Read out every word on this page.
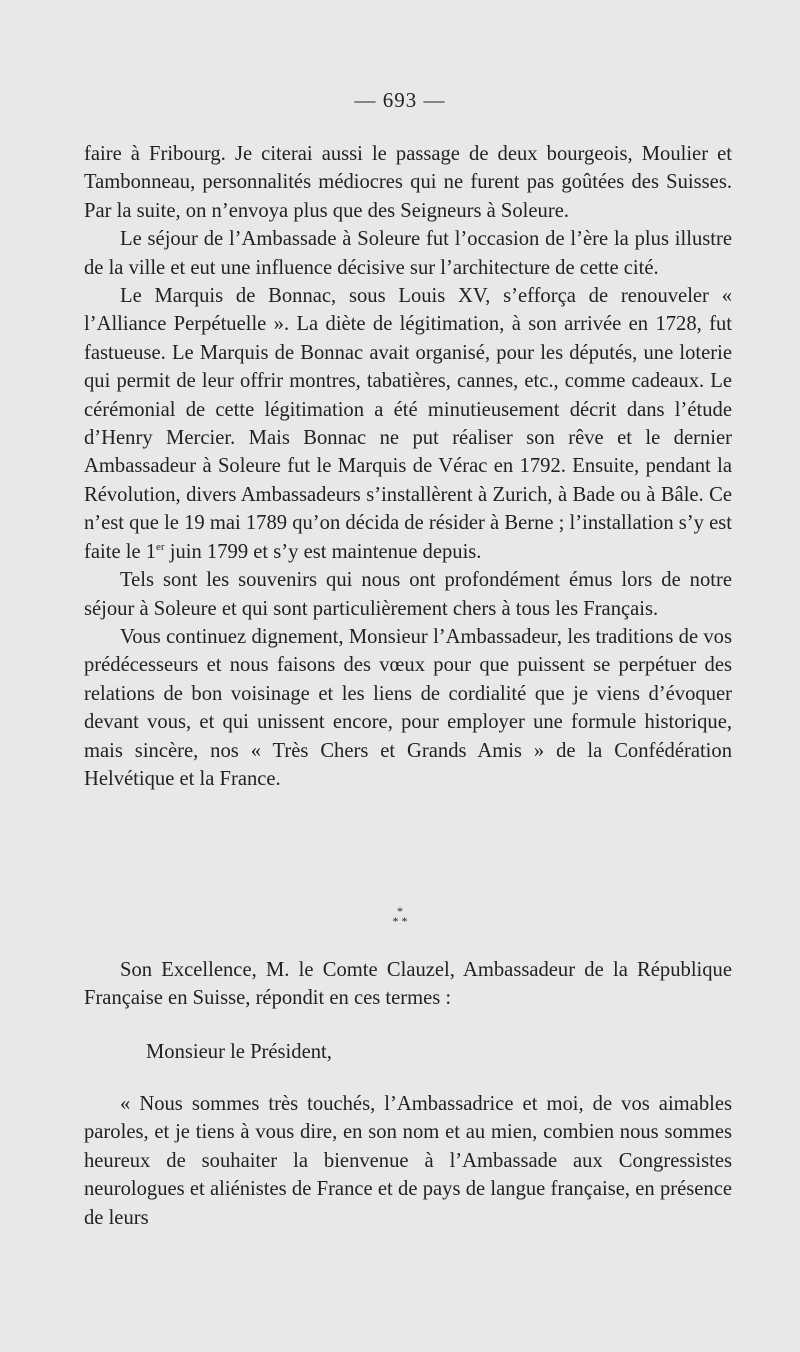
— 693 —

faire à Fribourg. Je citerai aussi le passage de deux bourgeois, Moulier et Tambonneau, personnalités médiocres qui ne furent pas goûtées des Suisses. Par la suite, on n’envoya plus que des Seigneurs à Soleure.

Le séjour de l’Ambassade à Soleure fut l’occasion de l’ère la plus illustre de la ville et eut une influence décisive sur l’architecture de cette cité.

Le Marquis de Bonnac, sous Louis XV, s’efforça de renouveler « l’Alliance Perpétuelle ». La diète de légitimation, à son arrivée en 1728, fut fastueuse. Le Marquis de Bonnac avait organisé, pour les députés, une loterie qui permit de leur offrir montres, tabatières, cannes, etc., comme cadeaux. Le cérémonial de cette légitimation a été minutieusement décrit dans l’étude d’Henry Mercier. Mais Bonnac ne put réaliser son rêve et le dernier Ambassadeur à Soleure fut le Marquis de Vérac en 1792. Ensuite, pendant la Révolution, divers Ambassadeurs s’installèrent à Zurich, à Bade ou à Bâle. Ce n’est que le 19 mai 1789 qu’on décida de résider à Berne ; l’installation s’y est faite le 1er juin 1799 et s’y est maintenue depuis.

Tels sont les souvenirs qui nous ont profondément émus lors de notre séjour à Soleure et qui sont particulièrement chers à tous les Français.

Vous continuez dignement, Monsieur l’Ambassadeur, les traditions de vos prédécesseurs et nous faisons des vœux pour que puissent se perpétuer des relations de bon voisinage et les liens de cordialité que je viens d’évoquer devant vous, et qui unissent encore, pour employer une formule historique, mais sincère, nos « Très Chers et Grands Amis » de la Confédération Helvétique et la France.

*
* *

Son Excellence, M. le Comte Clauzel, Ambassadeur de la République Française en Suisse, répondit en ces termes :

Monsieur le Président,

« Nous sommes très touchés, l’Ambassadrice et moi, de vos aimables paroles, et je tiens à vous dire, en son nom et au mien, combien nous sommes heureux de souhaiter la bienvenue à l’Ambassade aux Congressistes neurologues et aliénistes de France et de pays de langue française, en présence de leurs
